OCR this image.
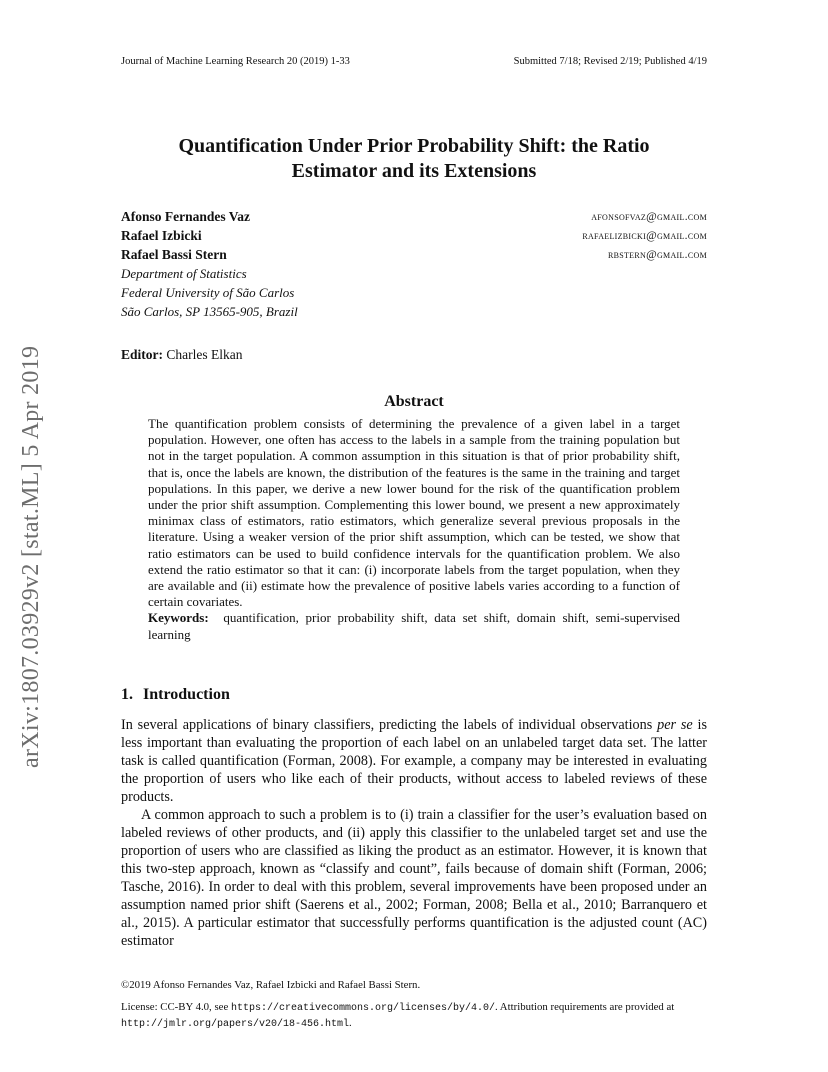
Journal of Machine Learning Research 20 (2019) 1-33	Submitted 7/18; Revised 2/19; Published 4/19
arXiv:1807.03929v2 [stat.ML] 5 Apr 2019
Quantification Under Prior Probability Shift: the Ratio
Estimator and its Extensions
Afonso Fernandes Vaz	afonsofvaz@gmail.com
Rafael Izbicki	rafaelizbicki@gmail.com
Rafael Bassi Stern	rbstern@gmail.com
Department of Statistics
Federal University of São Carlos
São Carlos, SP 13565-905, Brazil
Editor: Charles Elkan
Abstract
The quantification problem consists of determining the prevalence of a given label in a target population. However, one often has access to the labels in a sample from the training population but not in the target population. A common assumption in this situation is that of prior probability shift, that is, once the labels are known, the distribution of the features is the same in the training and target populations. In this paper, we derive a new lower bound for the risk of the quantification problem under the prior shift assumption. Complementing this lower bound, we present a new approximately minimax class of estimators, ratio estimators, which generalize several previous proposals in the literature. Using a weaker version of the prior shift assumption, which can be tested, we show that ratio estimators can be used to build confidence intervals for the quantification problem. We also extend the ratio estimator so that it can: (i) incorporate labels from the target population, when they are available and (ii) estimate how the prevalence of positive labels varies according to a function of certain covariates.
Keywords: quantification, prior probability shift, data set shift, domain shift, semi-supervised learning
1. Introduction

In several applications of binary classifiers, predicting the labels of individual observations per se is less important than evaluating the proportion of each label on an unlabeled target data set. The latter task is called quantification (Forman, 2008). For example, a company may be interested in evaluating the proportion of users who like each of their products, without access to labeled reviews of these products.

A common approach to such a problem is to (i) train a classifier for the user’s evaluation based on labeled reviews of other products, and (ii) apply this classifier to the unlabeled target set and use the proportion of users who are classified as liking the product as an estimator. However, it is known that this two-step approach, known as “classify and count”, fails because of domain shift (Forman, 2006; Tasche, 2016). In order to deal with this problem, several improvements have been proposed under an assumption named prior shift (Saerens et al., 2002; Forman, 2008; Bella et al., 2010; Barranquero et al., 2015). A particular estimator that successfully performs quantification is the adjusted count (AC) estimator

©2019 Afonso Fernandes Vaz, Rafael Izbicki and Rafael Bassi Stern.
License: CC-BY 4.0, see https://creativecommons.org/licenses/by/4.0/. Attribution requirements are provided at http://jmlr.org/papers/v20/18-456.html.
